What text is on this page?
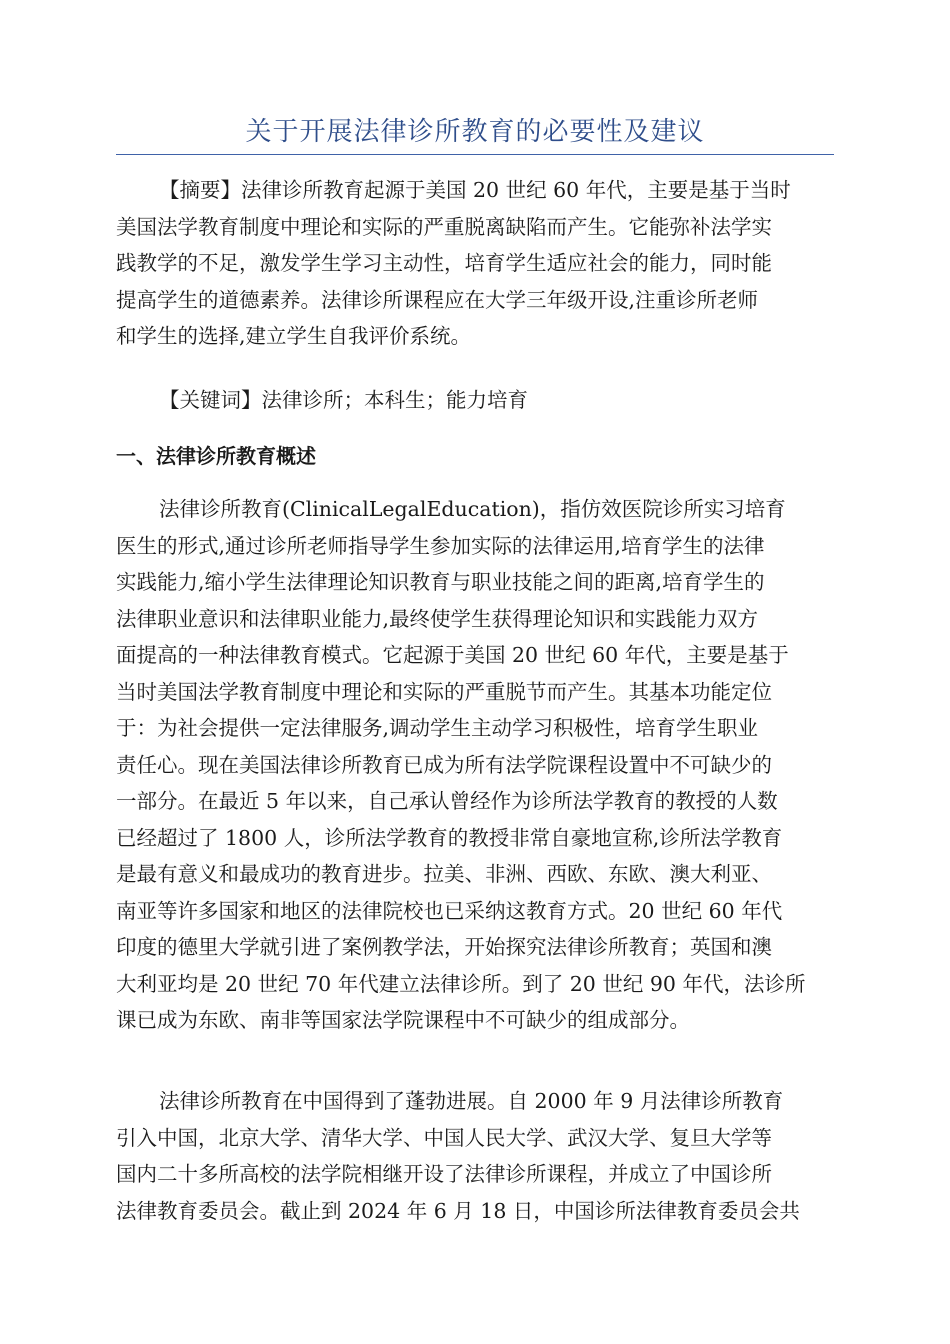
关于开展法律诊所教育的必要性及建议
【摘要】法律诊所教育起源于美国 20 世纪 60 年代，主要是基于当时
美国法学教育制度中理论和实际的严重脱离缺陷而产生。它能弥补法学实
践教学的不足，激发学生学习主动性，培育学生适应社会的能力，同时能
提高学生的道德素养。法律诊所课程应在大学三年级开设,注重诊所老师
和学生的选择,建立学生自我评价系统。
【关键词】法律诊所；本科生；能力培育
一、法律诊所教育概述
法律诊所教育(ClinicalLegalEducation)，指仿效医院诊所实习培育
医生的形式,通过诊所老师指导学生参加实际的法律运用,培育学生的法律
实践能力,缩小学生法律理论知识教育与职业技能之间的距离,培育学生的
法律职业意识和法律职业能力,最终使学生获得理论知识和实践能力双方
面提高的一种法律教育模式。它起源于美国 20 世纪 60 年代，主要是基于
当时美国法学教育制度中理论和实际的严重脱节而产生。其基本功能定位
于：为社会提供一定法律服务,调动学生主动学习积极性，培育学生职业
责任心。现在美国法律诊所教育已成为所有法学院课程设置中不可缺少的
一部分。在最近 5 年以来，自己承认曾经作为诊所法学教育的教授的人数
已经超过了 1800 人，诊所法学教育的教授非常自豪地宣称,诊所法学教育
是最有意义和最成功的教育进步。拉美、非洲、西欧、东欧、澳大利亚、
南亚等许多国家和地区的法律院校也已采纳这教育方式。20 世纪 60 年代
印度的德里大学就引进了案例教学法，开始探究法律诊所教育；英国和澳
大利亚均是 20 世纪 70 年代建立法律诊所。到了 20 世纪 90 年代，法诊所
课已成为东欧、南非等国家法学院课程中不可缺少的组成部分。
法律诊所教育在中国得到了蓬勃进展。自 2000 年 9 月法律诊所教育
引入中国，北京大学、清华大学、中国人民大学、武汉大学、复旦大学等
国内二十多所高校的法学院相继开设了法律诊所课程，并成立了中国诊所
法律教育委员会。截止到 2024 年 6 月 18 日，中国诊所法律教育委员会共
